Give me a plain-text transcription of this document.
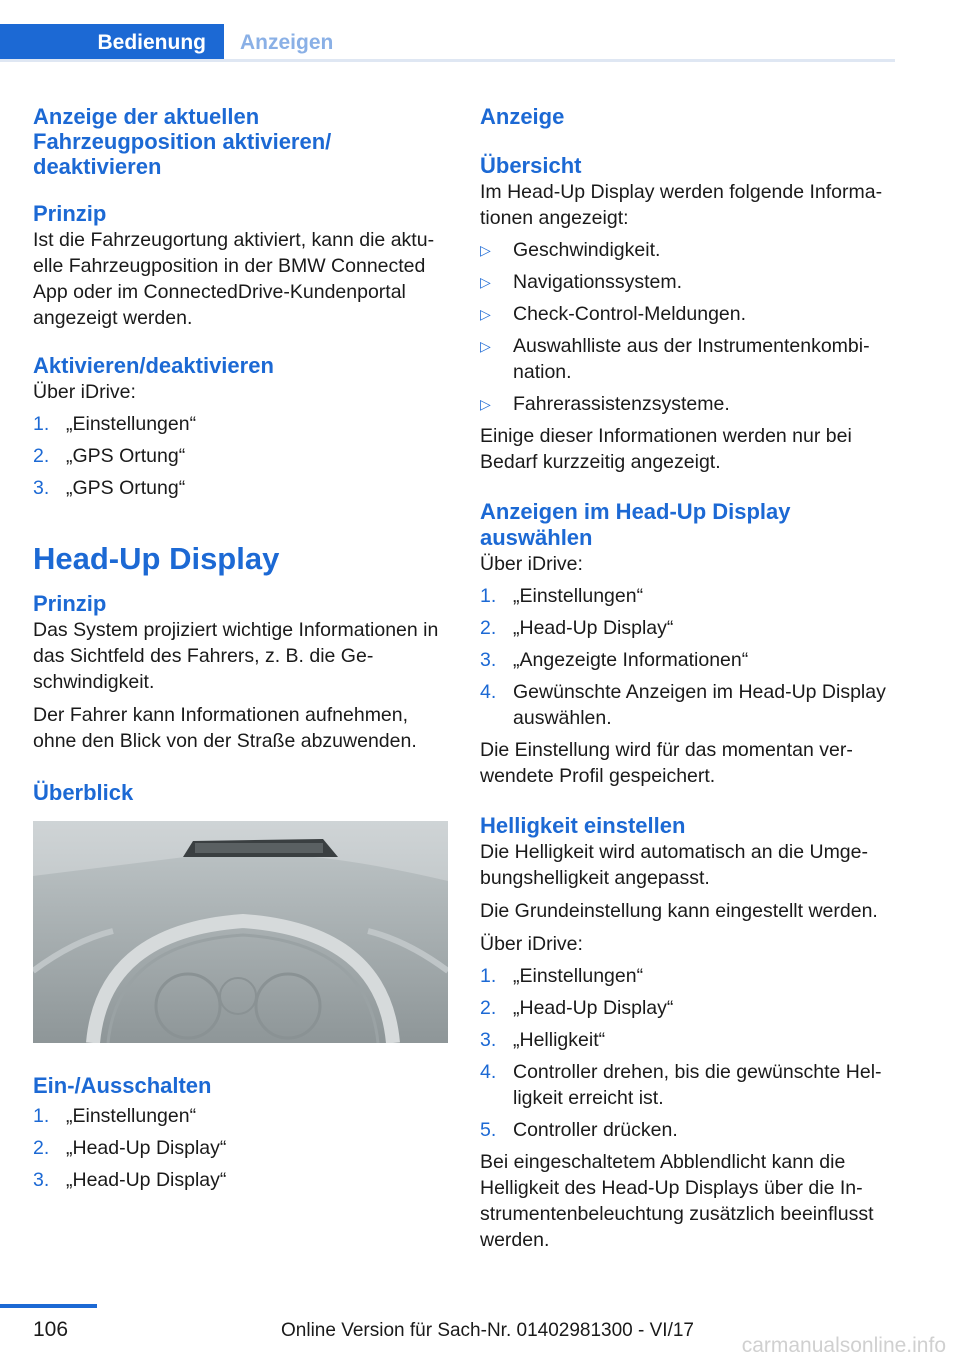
Bedienung	Anzeigen
Anzeige der aktuellen Fahrzeugposition aktivieren/ deaktivieren
Prinzip

Ist die Fahrzeugortung aktiviert, kann die aktuelle Fahrzeugposition in der BMW Connected App oder im ConnectedDrive-Kundenportal angezeigt werden.

Aktivieren/deaktivieren

Über iDrive:

1. „Einstellungen“
2. „GPS Ortung“
3. „GPS Ortung“
Head-Up Display
Prinzip

Das System projiziert wichtige Informationen in das Sichtfeld des Fahrers, z. B. die Geschwindigkeit.

Der Fahrer kann Informationen aufnehmen, ohne den Blick von der Straße abzuwenden.

Überblick
Ein-/Ausschalten
1. „Einstellungen“
2. „Head-Up Display“
3. „Head-Up Display“
Anzeige
Übersicht

Im Head-Up Display werden folgende Informationen angezeigt:

▷	Geschwindigkeit.
▷	Navigationssystem.
▷	Check-Control-Meldungen.
▷	Auswahlliste aus der Instrumentenkombination.
▷	Fahrerassistenzsysteme.

Einige dieser Informationen werden nur bei Bedarf kurzzeitig angezeigt.

Anzeigen im Head-Up Display auswählen

Über iDrive:

1. „Einstellungen“
2. „Head-Up Display“
3. „Angezeigte Informationen“
4. Gewünschte Anzeigen im Head-Up Display auswählen.

Die Einstellung wird für das momentan verwendete Profil gespeichert.

Helligkeit einstellen

Die Helligkeit wird automatisch an die Umgebungshelligkeit angepasst.

Die Grundeinstellung kann eingestellt werden.

Über iDrive:

1. „Einstellungen“
2. „Head-Up Display“
3. „Helligkeit“
4. Controller drehen, bis die gewünschte Helligkeit erreicht ist.
5. Controller drücken.

Bei eingeschaltetem Abblendlicht kann die Helligkeit des Head-Up Displays über die Instrumentenbeleuchtung zusätzlich beeinflusst werden.

106	Online Version für Sach-Nr. 01402981300 - VI/17
carmanualsonline.info
